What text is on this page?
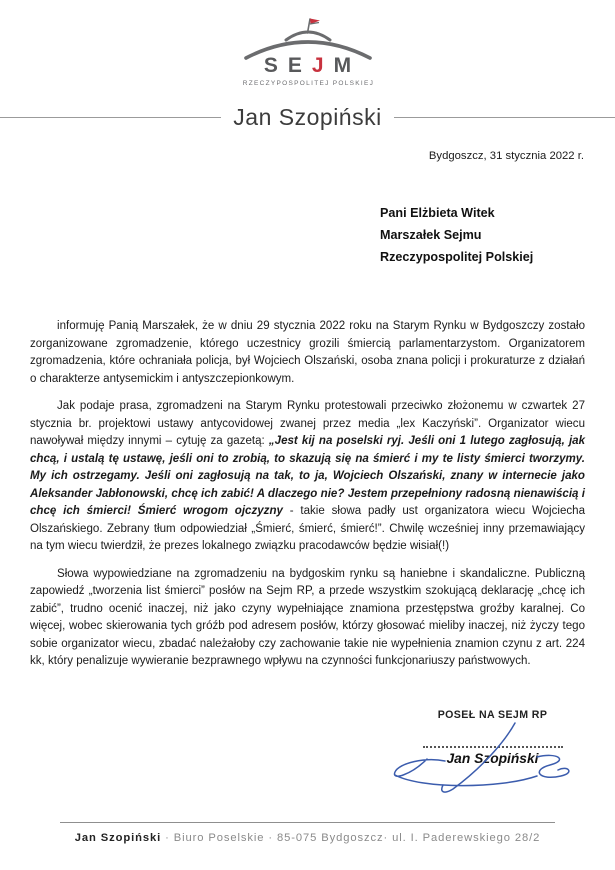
SEJM
RZECZYPOSPOLITEJ POLSKIEJ
Jan Szopiński
Bydgoszcz, 31 stycznia 2022 r.
Pani Elżbieta Witek
Marszałek Sejmu
Rzeczypospolitej Polskiej

informuję Panią Marszałek, że w dniu 29 stycznia 2022 roku na Starym Rynku w Bydgoszczy zostało zorganizowane zgromadzenie, którego uczestnicy grozili śmiercią parlamentarzystom. Organizatorem zgromadzenia, które ochraniała policja, był Wojciech Olszański, osoba znana policji i prokuraturze z działań o charakterze antysemickim i antyszczepionkowym.

Jak podaje prasa, zgromadzeni na Starym Rynku protestowali przeciwko złożonemu w czwartek 27 stycznia br. projektowi ustawy antycovidowej zwanej przez media „lex Kaczyński”. Organizator wiecu nawoływał między innymi – cytuję za gazetą: „Jest kij na poselski ryj. Jeśli oni 1 lutego zagłosują, jak chcą, i ustalą tę ustawę, jeśli oni to zrobią, to skazują się na śmierć i my te listy śmierci tworzymy. My ich ostrzegamy. Jeśli oni zagłosują na tak, to ja, Wojciech Olszański, znany w internecie jako Aleksander Jabłonowski, chcę ich zabić! A dlaczego nie? Jestem przepełniony radosną nienawiścią i chcę ich śmierci! Śmierć wrogom ojczyzny - takie słowa padły ust organizatora wiecu Wojciecha Olszańskiego. Zebrany tłum odpowiedział „Śmierć, śmierć, śmierć!”. Chwilę wcześniej inny przemawiający na tym wiecu twierdził, że prezes lokalnego związku pracodawców będzie wisiał(!)

Słowa wypowiedziane na zgromadzeniu na bydgoskim rynku są haniebne i skandaliczne. Publiczną zapowiedź „tworzenia list śmierci” posłów na Sejm RP, a przede wszystkim szokującą deklarację „chcę ich zabić”, trudno ocenić inaczej, niż jako czyny wypełniające znamiona przestępstwa groźby karalnej. Co więcej, wobec skierowania tych gróźb pod adresem posłów, którzy głosować mieliby inaczej, niż życzy tego sobie organizator wiecu, zbadać należałoby czy zachowanie takie nie wypełnienia znamion czynu z art. 224 kk, który penalizuje wywieranie bezprawnego wpływu na czynności funkcjonariuszy państwowych.

POSEŁ NA SEJM RP
Jan Szopiński
Jan Szopiński · Biuro Poselskie · 85-075 Bydgoszcz· ul. I. Paderewskiego 28/2
